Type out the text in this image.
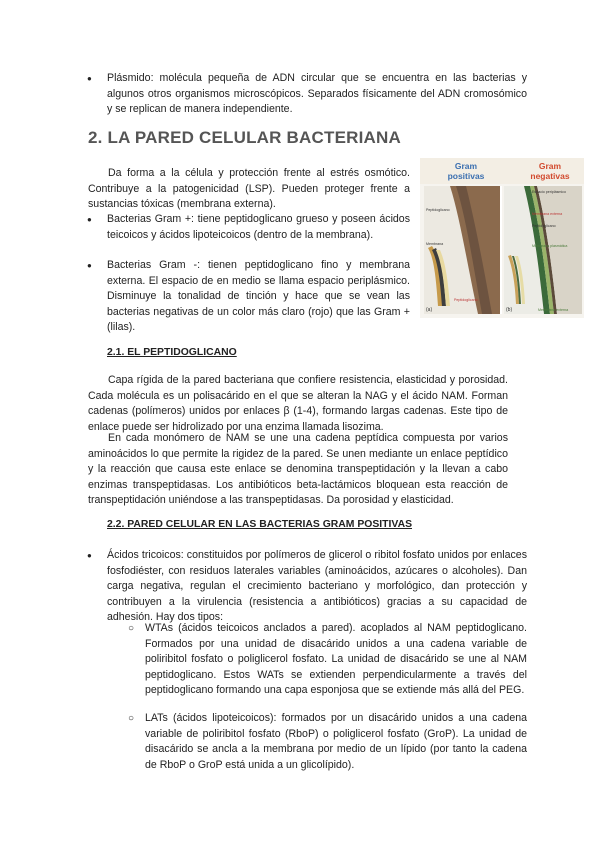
● Plásmido: molécula pequeña de ADN circular que se encuentra en las bacterias y algunos otros organismos microscópicos. Separados físicamente del ADN cromosómico y se replican de manera independiente.

2. LA PARED CELULAR BACTERIANA

Da forma a la célula y protección frente al estrés osmótico. Contribuye a la patogenicidad (LSP). Pueden proteger frente a sustancias tóxicas (membrana externa).

● Bacterias Gram +: tiene peptidoglicano grueso y poseen ácidos teicoicos y ácidos lipoteicoicos (dentro de la membrana).

● Bacterias Gram -: tienen peptidoglicano fino y membrana externa. El espacio de en medio se llama espacio periplásmico. Disminuye la tonalidad de tinción y hace que se vean las bacterias negativas de un color más claro (rojo) que las Gram + (lilas).

Gram positivas
Gram negativas
Peptidoglicano
Membrana
Peptidoglicano
Espacio periplásmico
Membrana externa
Peptidoglicano
Membrana plasmática
Membrana externa
(a)	(b)
2.1. EL PEPTIDOGLICANO

Capa rígida de la pared bacteriana que confiere resistencia, elasticidad y porosidad. Cada molécula es un polisacárido en el que se alteran la NAG y el ácido NAM. Forman cadenas (polímeros) unidos por enlaces β (1-4), formando largas cadenas. Este tipo de enlace puede ser hidrolizado por una enzima llamada lisozima.

En cada monómero de NAM se une una cadena peptídica compuesta por varios aminoácidos lo que permite la rigidez de la pared. Se unen mediante un enlace peptídico y la reacción que causa este enlace se denomina transpeptidación y la llevan a cabo enzimas transpeptidasas. Los antibióticos beta-lactámicos bloquean esta reacción de transpeptidación uniéndose a las transpeptidasas. Da porosidad y elasticidad.

2.2. PARED CELULAR EN LAS BACTERIAS GRAM POSITIVAS

● Ácidos tricoicos: constituidos por polímeros de glicerol o ribitol fosfato unidos por enlaces fosfodiéster, con residuos laterales variables (aminoácidos, azúcares o alcoholes). Dan carga negativa, regulan el crecimiento bacteriano y morfológico, dan protección y contribuyen a la virulencia (resistencia a antibióticos) gracias a su capacidad de adhesión. Hay dos tipos:

○ WTAs (ácidos teicoicos anclados a pared). acoplados al NAM peptidoglicano. Formados por una unidad de disacárido unidos a una cadena variable de poliribitol fosfato o poliglicerol fosfato. La unidad de disacárido se une al NAM peptidoglicano. Estos WATs se extienden perpendicularmente a través del peptidoglicano formando una capa esponjosa que se extiende más allá del PEG.

○ LATs (ácidos lipoteicoicos): formados por un disacárido unidos a una cadena variable de poliribitol fosfato (RboP) o poliglicerol fosfato (GroP). La unidad de disacárido se ancla a la membrana por medio de un lípido (por tanto la cadena de RboP o GroP está unida a un glicolípido).
